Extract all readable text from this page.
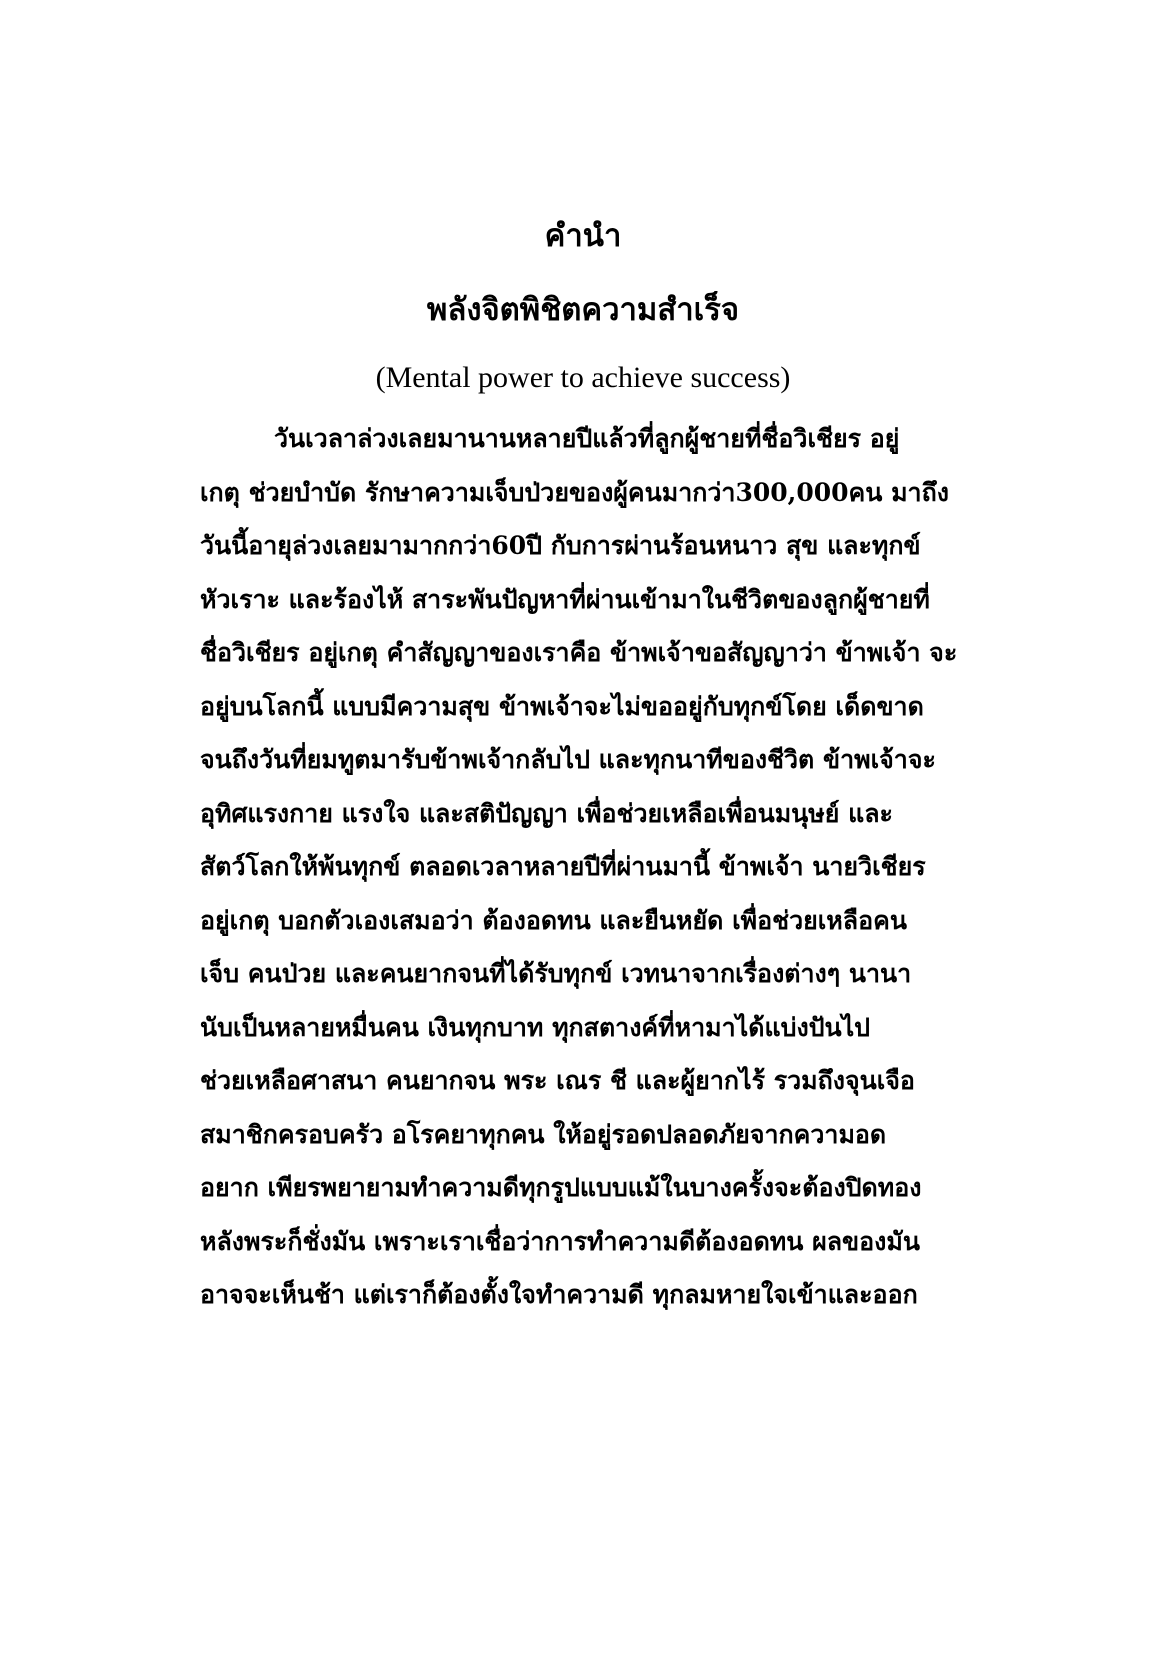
คำนำ
พลังจิตพิชิตความสำเร็จ
(Mental power to achieve success)
วันเวลาล่วงเลยมานานหลายปีแล้วที่ลูกผู้ชายที่ชื่อวิเชียร อยู่
เกตุ ช่วยบำบัด รักษาความเจ็บป่วยของผู้คนมากว่า300,000คน มาถึง
วันนี้อายุล่วงเลยมามากกว่า60ปี กับการผ่านร้อนหนาว สุข และทุกข์
หัวเราะ และร้องไห้ สาระพันปัญหาที่ผ่านเข้ามาในชีวิตของลูกผู้ชายที่
ชื่อวิเชียร อยู่เกตุ คำสัญญาของเราคือ ข้าพเจ้าขอสัญญาว่า ข้าพเจ้า จะ
อยู่บนโลกนี้ แบบมีความสุข ข้าพเจ้าจะไม่ขออยู่กับทุกข์โดย เด็ดขาด
จนถึงวันที่ยมทูตมารับข้าพเจ้ากลับไป และทุกนาทีของชีวิต ข้าพเจ้าจะ
อุทิศแรงกาย แรงใจ และสติปัญญา เพื่อช่วยเหลือเพื่อนมนุษย์ และ
สัตว์โลกให้พ้นทุกข์ ตลอดเวลาหลายปีที่ผ่านมานี้ ข้าพเจ้า นายวิเชียร
อยู่เกตุ บอกตัวเองเสมอว่า ต้องอดทน และยืนหยัด เพื่อช่วยเหลือคน
เจ็บ คนป่วย และคนยากจนที่ได้รับทุกข์ เวทนาจากเรื่องต่างๆ นานา
นับเป็นหลายหมื่นคน เงินทุกบาท ทุกสตางค์ที่หามาได้แบ่งปันไป
ช่วยเหลือศาสนา คนยากจน พระ เณร ชี และผู้ยากไร้ รวมถึงจุนเจือ
สมาชิกครอบครัว อโรคยาทุกคน ให้อยู่รอดปลอดภัยจากความอด
อยาก เพียรพยายามทำความดีทุกรูปแบบแม้ในบางครั้งจะต้องปิดทอง
หลังพระก็ชั่งมัน เพราะเราเชื่อว่าการทำความดีต้องอดทน ผลของมัน
อาจจะเห็นช้า แต่เราก็ต้องตั้งใจทำความดี ทุกลมหายใจเข้าและออก
